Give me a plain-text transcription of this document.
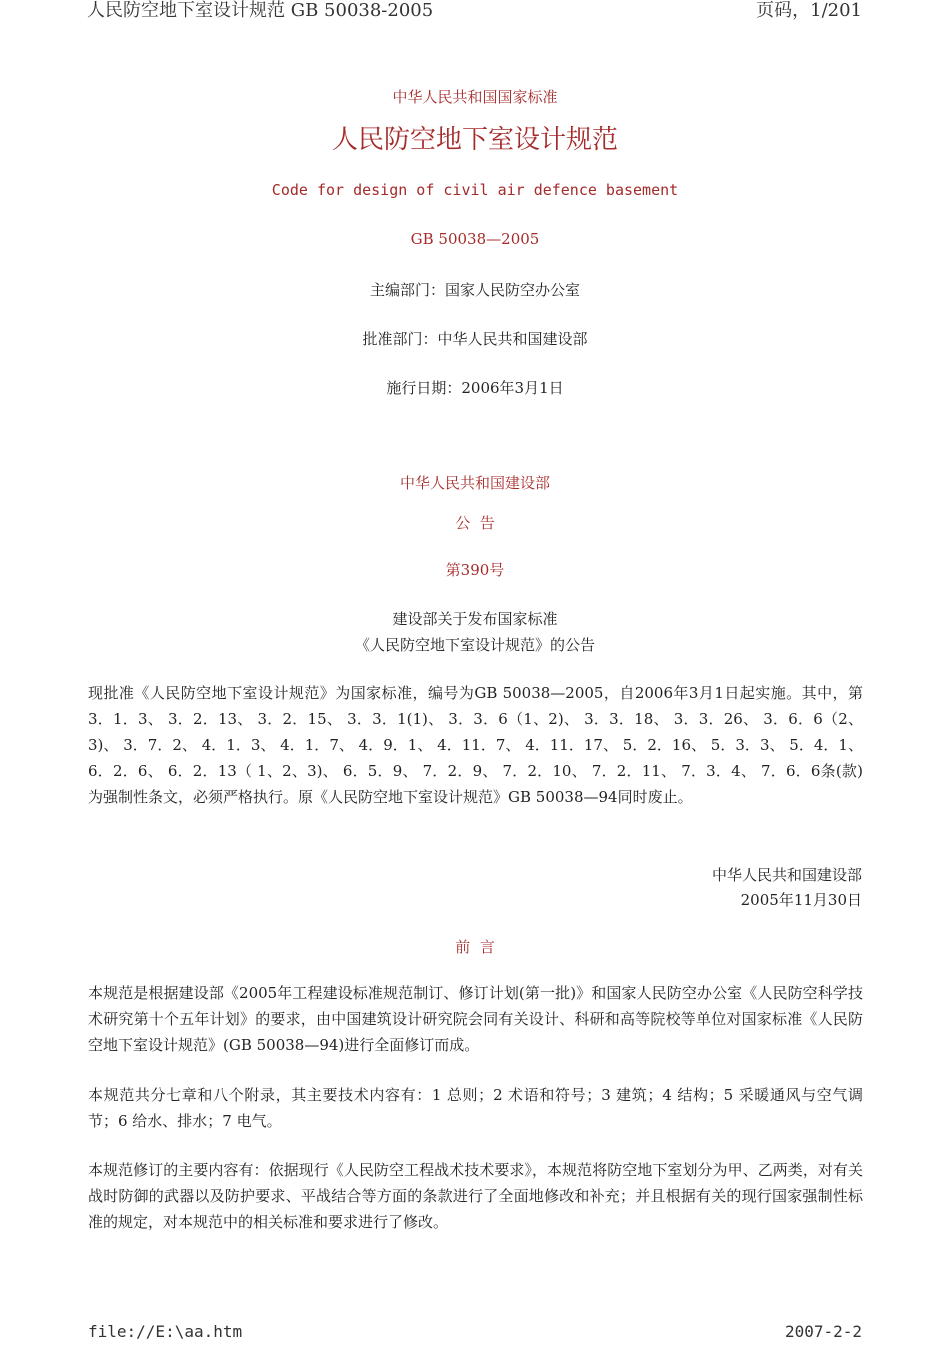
人民防空地下室设计规范 GB 50038-2005	页码，1/201
中华人民共和国国家标准
人民防空地下室设计规范
Code for design of civil air defence basement
GB 50038—2005
主编部门：国家人民防空办公室
批准部门：中华人民共和国建设部
施行日期：2006年3月1日
中华人民共和国建设部
公  告
第390号
建设部关于发布国家标准
《人民防空地下室设计规范》的公告
现批准《人民防空地下室设计规范》为国家标准，编号为GB 50038—2005，自2006年3月1日起实施。其中，第3．1．3、 3．2．13、 3．2．15、 3．3．1(1)、 3．3．6（1、2)、 3．3．18、 3．3．26、 3．6．6（2、3)、 3．7．2、 4．1．3、 4．1．7、 4．9．1、 4．11．7、 4．11．17、 5．2．16、 5．3．3、 5．4．1、 6．2．6、 6．2．13（ 1、2、3)、 6．5．9、 7．2．9、 7．2．10、 7．2．11、 7．3．4、 7．6．6条(款)为强制性条文，必须严格执行。原《人民防空地下室设计规范》GB 50038—94同时废止。
中华人民共和国建设部
2005年11月30日
前  言
本规范是根据建设部《2005年工程建设标准规范制订、修订计划(第一批)》和国家人民防空办公室《人民防空科学技术研究第十个五年计划》的要求，由中国建筑设计研究院会同有关设计、科研和高等院校等单位对国家标准《人民防空地下室设计规范》(GB 50038—94)进行全面修订而成。
本规范共分七章和八个附录，其主要技术内容有：1 总则；2 术语和符号；3 建筑；4 结构；5 采暖通风与空气调节；6 给水、排水；7 电气。
本规范修订的主要内容有：依据现行《人民防空工程战术技术要求》，本规范将防空地下室划分为甲、乙两类，对有关战时防御的武器以及防护要求、平战结合等方面的条款进行了全面地修改和补充；并且根据有关的现行国家强制性标准的规定，对本规范中的相关标准和要求进行了修改。
file://E:\aa.htm	2007-2-2
